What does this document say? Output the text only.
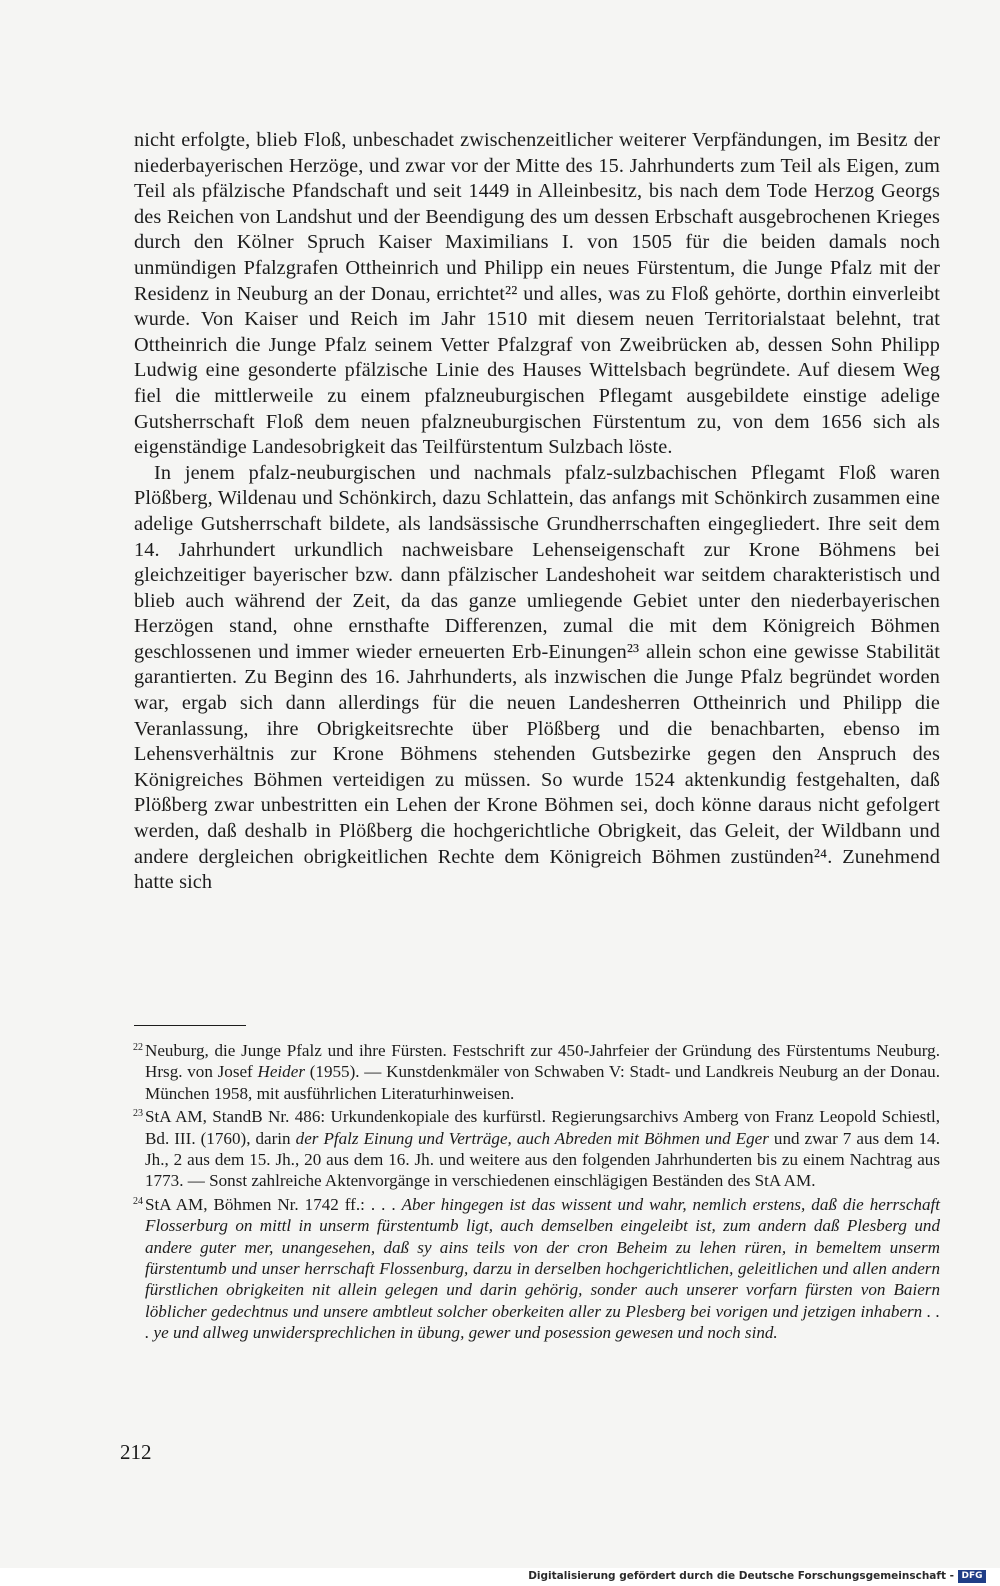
nicht erfolgte, blieb Floß, unbeschadet zwischenzeitlicher weiterer Verpfändungen, im Besitz der niederbayerischen Herzöge, und zwar vor der Mitte des 15. Jahrhunderts zum Teil als Eigen, zum Teil als pfälzische Pfandschaft und seit 1449 in Alleinbesitz, bis nach dem Tode Herzog Georgs des Reichen von Landshut und der Beendigung des um dessen Erbschaft ausgebrochenen Krieges durch den Kölner Spruch Kaiser Maximilians I. von 1505 für die beiden damals noch unmündigen Pfalzgrafen Ottheinrich und Philipp ein neues Fürstentum, die Junge Pfalz mit der Residenz in Neuburg an der Donau, errichtet²² und alles, was zu Floß gehörte, dorthin einverleibt wurde. Von Kaiser und Reich im Jahr 1510 mit diesem neuen Territorialstaat belehnt, trat Ottheinrich die Junge Pfalz seinem Vetter Pfalzgraf von Zweibrücken ab, dessen Sohn Philipp Ludwig eine gesonderte pfälzische Linie des Hauses Wittelsbach begründete. Auf diesem Weg fiel die mittlerweile zu einem pfalzneuburgischen Pflegamt ausgebildete einstige adelige Gutsherrschaft Floß dem neuen pfalzneuburgischen Fürstentum zu, von dem 1656 sich als eigenständige Landesobrigkeit das Teilfürstentum Sulzbach löste.

In jenem pfalz-neuburgischen und nachmals pfalz-sulzbachischen Pflegamt Floß waren Plößberg, Wildenau und Schönkirch, dazu Schlattein, das anfangs mit Schönkirch zusammen eine adelige Gutsherrschaft bildete, als landsässische Grundherrschaften eingegliedert. Ihre seit dem 14. Jahrhundert urkundlich nachweisbare Lehenseigenschaft zur Krone Böhmens bei gleichzeitiger bayerischer bzw. dann pfälzischer Landeshoheit war seitdem charakteristisch und blieb auch während der Zeit, da das ganze umliegende Gebiet unter den niederbayerischen Herzögen stand, ohne ernsthafte Differenzen, zumal die mit dem Königreich Böhmen geschlossenen und immer wieder erneuerten Erb-Einungen²³ allein schon eine gewisse Stabilität garantierten. Zu Beginn des 16. Jahrhunderts, als inzwischen die Junge Pfalz begründet worden war, ergab sich dann allerdings für die neuen Landesherren Ottheinrich und Philipp die Veranlassung, ihre Obrigkeitsrechte über Plößberg und die benachbarten, ebenso im Lehensverhältnis zur Krone Böhmens stehenden Gutsbezirke gegen den Anspruch des Königreiches Böhmen verteidigen zu müssen. So wurde 1524 aktenkundig festgehalten, daß Plößberg zwar unbestritten ein Lehen der Krone Böhmen sei, doch könne daraus nicht gefolgert werden, daß deshalb in Plößberg die hochgerichtliche Obrigkeit, das Geleit, der Wildbann und andere dergleichen obrigkeitlichen Rechte dem Königreich Böhmen zustünden²⁴. Zunehmend hatte sich

22 Neuburg, die Junge Pfalz und ihre Fürsten. Festschrift zur 450-Jahrfeier der Gründung des Fürstentums Neuburg. Hrsg. von Josef Heider (1955). — Kunstdenkmäler von Schwaben V: Stadt- und Landkreis Neuburg an der Donau. München 1958, mit ausführlichen Literaturhinweisen.
23 StA AM, StandB Nr. 486: Urkundenkopiale des kurfürstl. Regierungsarchivs Amberg von Franz Leopold Schiestl, Bd. III. (1760), darin der Pfalz Einung und Verträge, auch Abreden mit Böhmen und Eger und zwar 7 aus dem 14. Jh., 2 aus dem 15. Jh., 20 aus dem 16. Jh. und weitere aus den folgenden Jahrhunderten bis zu einem Nachtrag aus 1773. — Sonst zahlreiche Aktenvorgänge in verschiedenen einschlägigen Beständen des StA AM.
24 StA AM, Böhmen Nr. 1742 ff.: . . . Aber hingegen ist das wissent und wahr, nemlich erstens, daß die herrschaft Flosserburg on mittl in unserm fürstentumb ligt, auch demselben eingeleibt ist, zum andern daß Plesberg und andere guter mer, unangesehen, daß sy ains teils von der cron Beheim zu lehen rüren, in bemeltem unserm fürstentumb und unser herrschaft Flossenburg, darzu in derselben hochgerichtlichen, geleitlichen und allen andern fürstlichen obrigkeiten nit allein gelegen und darin gehörig, sonder auch unserer vorfarn fürsten von Baiern löblicher gedechtnus und unsere ambtleut solcher oberkeiten aller zu Plesberg bei vorigen und jetzigen inhabern . . . ye und allweg unwidersprechlichen in übung, gewer und posession gewesen und noch sind.
212
Digitalisierung gefördert durch die Deutsche Forschungsgemeinschaft - DFG
